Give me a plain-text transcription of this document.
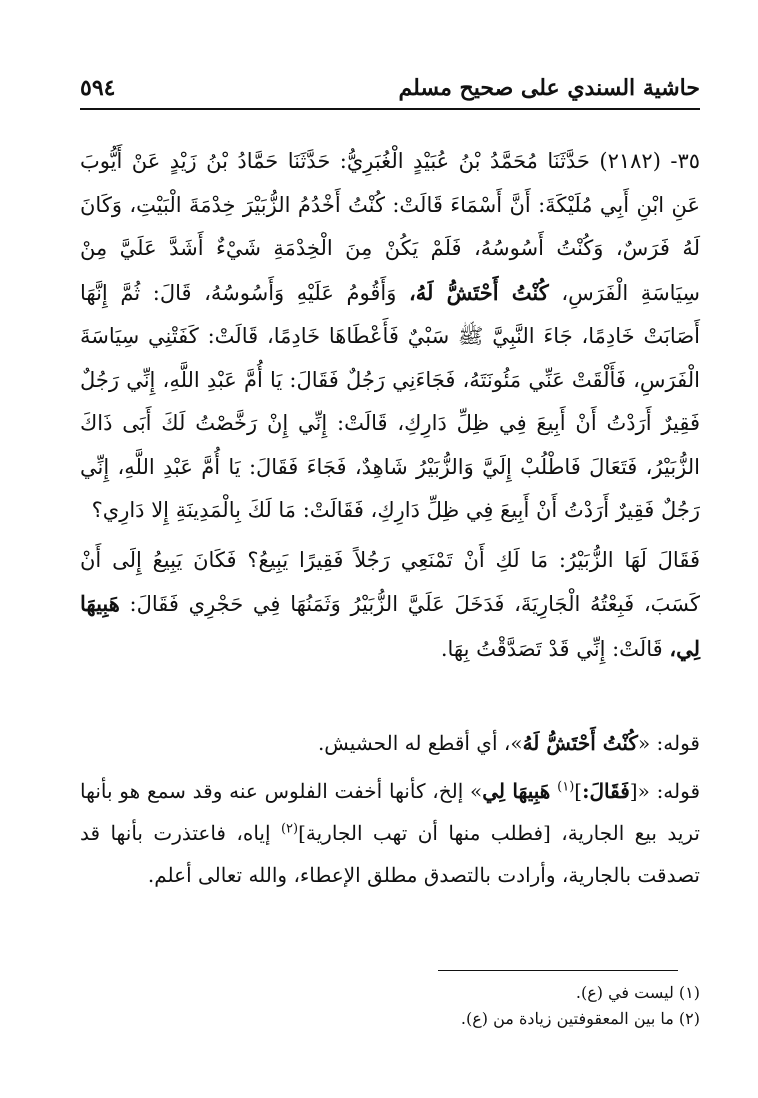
حاشية السندي على صحيح مسلم
٥٩٤

٣٥- (٢١٨٢) حَدَّثَنَا مُحَمَّدُ بْنُ عُبَيْدٍ الْغُبَرِيُّ: حَدَّثَنَا حَمَّادُ بْنُ زَيْدٍ عَنْ أَيُّوبَ عَنِ ابْنِ أَبِي مُلَيْكَةَ: أَنَّ أَسْمَاءَ قَالَتْ: كُنْتُ أَخْدُمُ الزُّبَيْرَ خِدْمَةَ الْبَيْتِ، وَكَانَ لَهُ فَرَسٌ، وَكُنْتُ أَسُوسُهُ، فَلَمْ يَكُنْ مِنَ الْخِدْمَةِ شَيْءٌ أَشَدَّ عَلَيَّ مِنْ سِيَاسَةِ الْفَرَسِ، كُنْتُ أَحْتَشُّ لَهُ، وَأَقُومُ عَلَيْهِ وَأَسُوسُهُ، قَالَ: ثُمَّ إِنَّهَا أَصَابَتْ خَادِمًا، جَاءَ النَّبِيَّ ﷺ سَبْيٌ فَأَعْطَاهَا خَادِمًا، قَالَتْ: كَفَتْنِي سِيَاسَةَ الْفَرَسِ، فَأَلْقَتْ عَنِّي مَئُونَتَهُ، فَجَاءَنِي رَجُلٌ فَقَالَ: يَا أُمَّ عَبْدِ اللَّهِ، إِنِّي رَجُلٌ فَقِيرٌ أَرَدْتُ أَنْ أَبِيعَ فِي ظِلِّ دَارِكِ، قَالَتْ: إِنِّي إِنْ رَخَّصْتُ لَكَ أَبَى ذَاكَ الزُّبَيْرُ، فَتَعَالَ فَاطْلُبْ إِلَيَّ وَالزُّبَيْرُ شَاهِدٌ، فَجَاءَ فَقَالَ: يَا أُمَّ عَبْدِ اللَّهِ، إِنِّي رَجُلٌ فَقِيرٌ أَرَدْتُ أَنْ أَبِيعَ فِي ظِلِّ دَارِكِ، فَقَالَتْ: مَا لَكَ بِالْمَدِينَةِ إِلا دَارِي؟

فَقَالَ لَهَا الزُّبَيْرُ: مَا لَكِ أَنْ تَمْنَعِي رَجُلاً فَقِيرًا يَبِيعُ؟ فَكَانَ يَبِيعُ إِلَى أَنْ كَسَبَ، فَبِعْتُهُ الْجَارِيَةَ، فَدَخَلَ عَلَيَّ الزُّبَيْرُ وَثَمَنُهَا فِي حَجْرِي فَقَالَ: هَبِيهَا لِي، قَالَتْ: إِنِّي قَدْ تَصَدَّقْتُ بِهَا.

قوله: «كُنْتُ أَحْتَشُّ لَهُ»، أي أقطع له الحشيش.

قوله: «[فَقَالَ:]$^{(١)}$ هَبِيهَا لِي» إلخ، كأنها أخفت الفلوس عنه وقد سمع هو بأنها تريد بيع الجارية، [فطلب منها أن تهب الجارية]$^{(٢)}$ إياه، فاعتذرت بأنها قد تصدقت بالجارية، وأرادت بالتصدق مطلق الإعطاء، والله تعالى أعلم.

(١) ليست في (ع).
(٢) ما بين المعقوفتين زيادة من (ع).
